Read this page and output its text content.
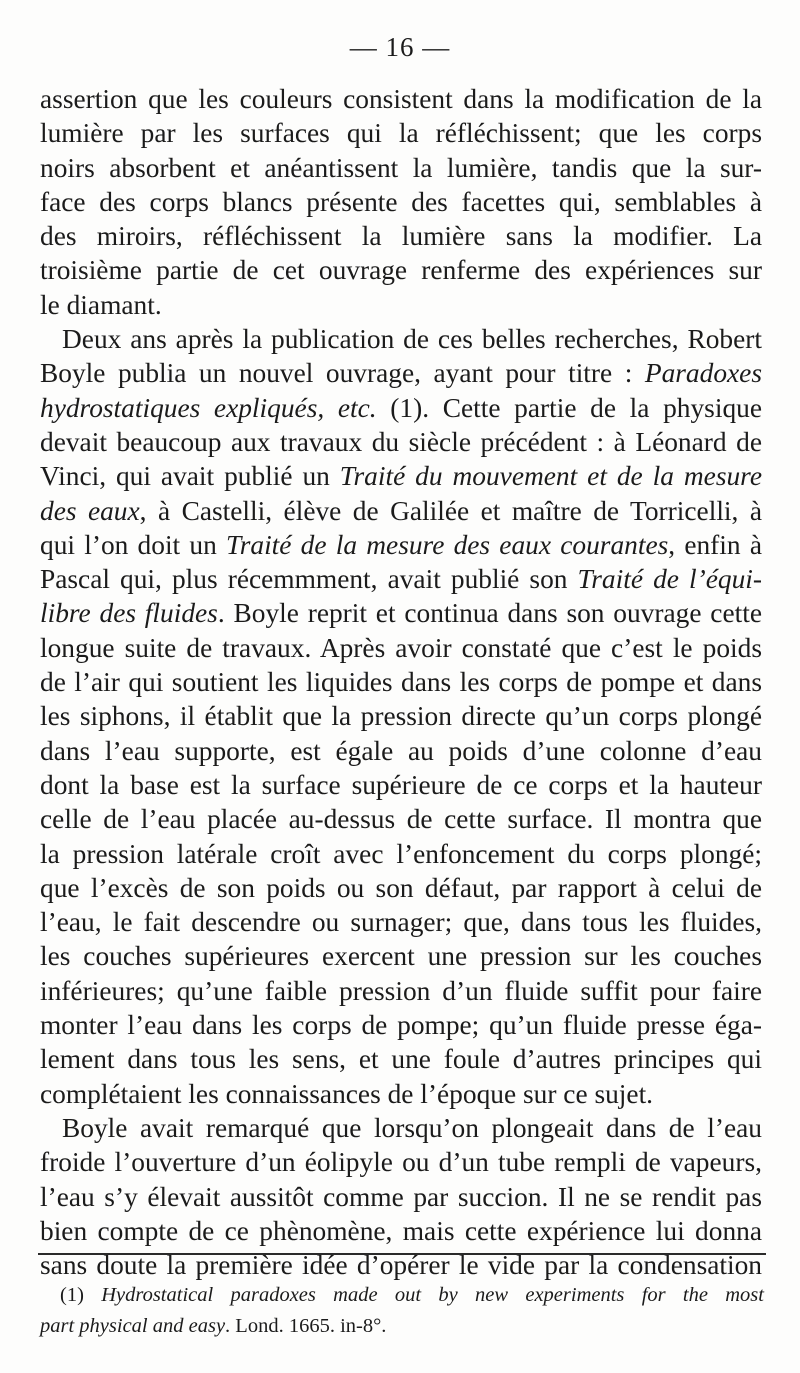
— 16 —
assertion que les couleurs consistent dans la modification de la
lumière par les surfaces qui la réfléchissent; que les corps
noirs absorbent et anéantissent la lumière, tandis que la sur-
face des corps blancs présente des facettes qui, semblables à
des miroirs, réfléchissent la lumière sans la modifier. La
troisième partie de cet ouvrage renferme des expériences sur
le diamant.
Deux ans après la publication de ces belles recherches, Robert
Boyle publia un nouvel ouvrage, ayant pour titre : Paradoxes
hydrostatiques expliqués, etc. (1). Cette partie de la physique
devait beaucoup aux travaux du siècle précédent : à Léonard de
Vinci, qui avait publié un Traité du mouvement et de la mesure
des eaux, à Castelli, élève de Galilée et maître de Torricelli, à
qui l’on doit un Traité de la mesure des eaux courantes, enfin à
Pascal qui, plus récemmment, avait publié son Traité de l’équi-
libre des fluides. Boyle reprit et continua dans son ouvrage cette
longue suite de travaux. Après avoir constaté que c’est le poids
de l’air qui soutient les liquides dans les corps de pompe et dans
les siphons, il établit que la pression directe qu’un corps plongé
dans l’eau supporte, est égale au poids d’une colonne d’eau
dont la base est la surface supérieure de ce corps et la hauteur
celle de l’eau placée au-dessus de cette surface. Il montra que
la pression latérale croît avec l’enfoncement du corps plongé;
que l’excès de son poids ou son défaut, par rapport à celui de
l’eau, le fait descendre ou surnager; que, dans tous les fluides,
les couches supérieures exercent une pression sur les couches
inférieures; qu’une faible pression d’un fluide suffit pour faire
monter l’eau dans les corps de pompe; qu’un fluide presse éga-
lement dans tous les sens, et une foule d’autres principes qui
complétaient les connaissances de l’époque sur ce sujet.
Boyle avait remarqué que lorsqu’on plongeait dans de l’eau
froide l’ouverture d’un éolipyle ou d’un tube rempli de vapeurs,
l’eau s’y élevait aussitôt comme par succion. Il ne se rendit pas
bien compte de ce phènomène, mais cette expérience lui donna
sans doute la première idée d’opérer le vide par la condensation
(1) Hydrostatical paradoxes made out by new experiments for the most
part physical and easy. Lond. 1665. in-8°.
